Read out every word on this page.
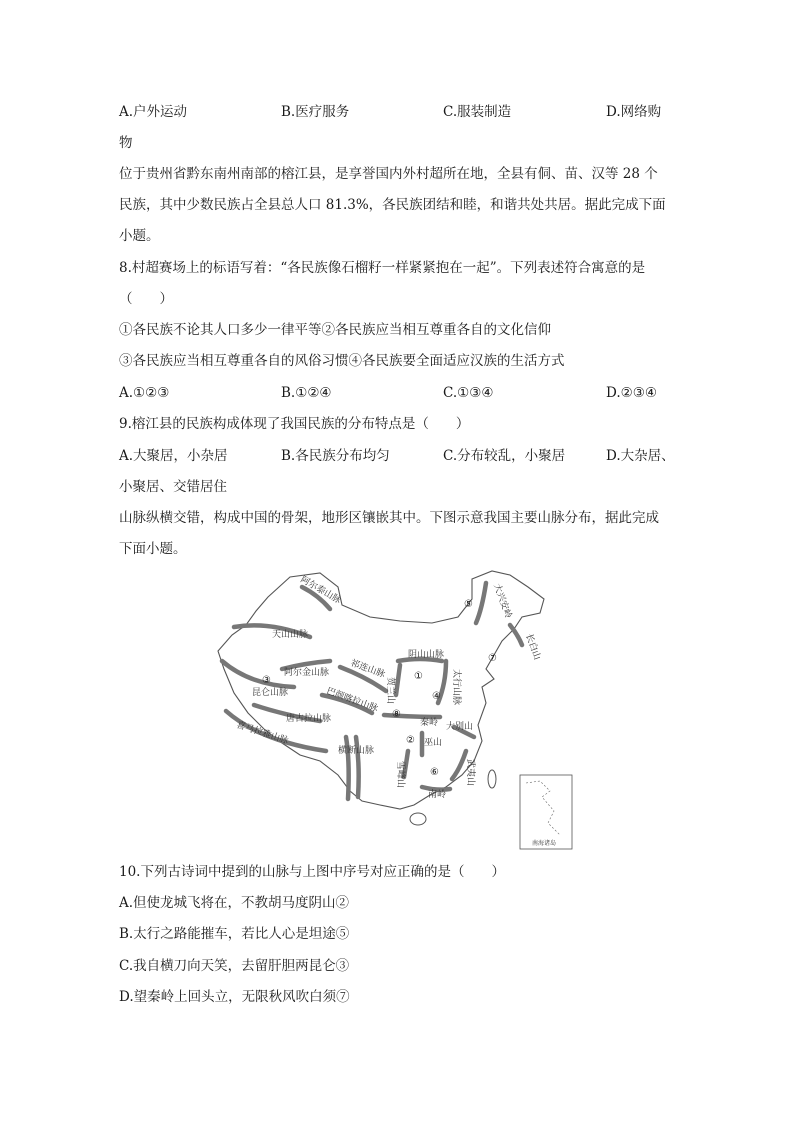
A.户外运动	B.医疗服务	C.服装制造	D.网络购
物
位于贵州省黔东南州南部的榕江县，是享誉国内外村超所在地，全县有侗、苗、汉等 28 个
民族，其中少数民族占全县总人口 81.3%，各民族团结和睦，和谐共处共居。据此完成下面
小题。
8.村超赛场上的标语写着：“各民族像石榴籽一样紧紧抱在一起”。下列表述符合寓意的是
（　　）
①各民族不论其人口多少一律平等②各民族应当相互尊重各自的文化信仰
③各民族应当相互尊重各自的风俗习惯④各民族要全面适应汉族的生活方式
A.①②③	B.①②④	C.①③④	D.②③④
9.榕江县的民族构成体现了我国民族的分布特点是（　　）
A.大聚居，小杂居	B.各民族分布均匀	C.分布较乱，小聚居	D.大杂居、
小聚居、交错居住
山脉纵横交错，构成中国的骨架，地形区镶嵌其中。下图示意我国主要山脉分布，据此完成
下面小题。
南海诸岛
阿尔泰山脉
天山山脉
阿尔金山脉
昆仑山脉
祁连山脉
巴颜喀拉山脉
唐古拉山脉
喜马拉雅山脉
横断山脉
阴山山脉
贺兰山	太行山脉
秦岭 大别山
巫山
雪峰山
南岭
武夷山
大兴安岭
长白山
①
②
③
④
⑤
⑥
⑦
⑧
10.下列古诗词中提到的山脉与上图中序号对应正确的是（　　）
A.但使龙城飞将在，不教胡马度阴山②
B.太行之路能摧车，若比人心是坦途⑤
C.我自横刀向天笑，去留肝胆两昆仑③
D.望秦岭上回头立，无限秋风吹白须⑦
